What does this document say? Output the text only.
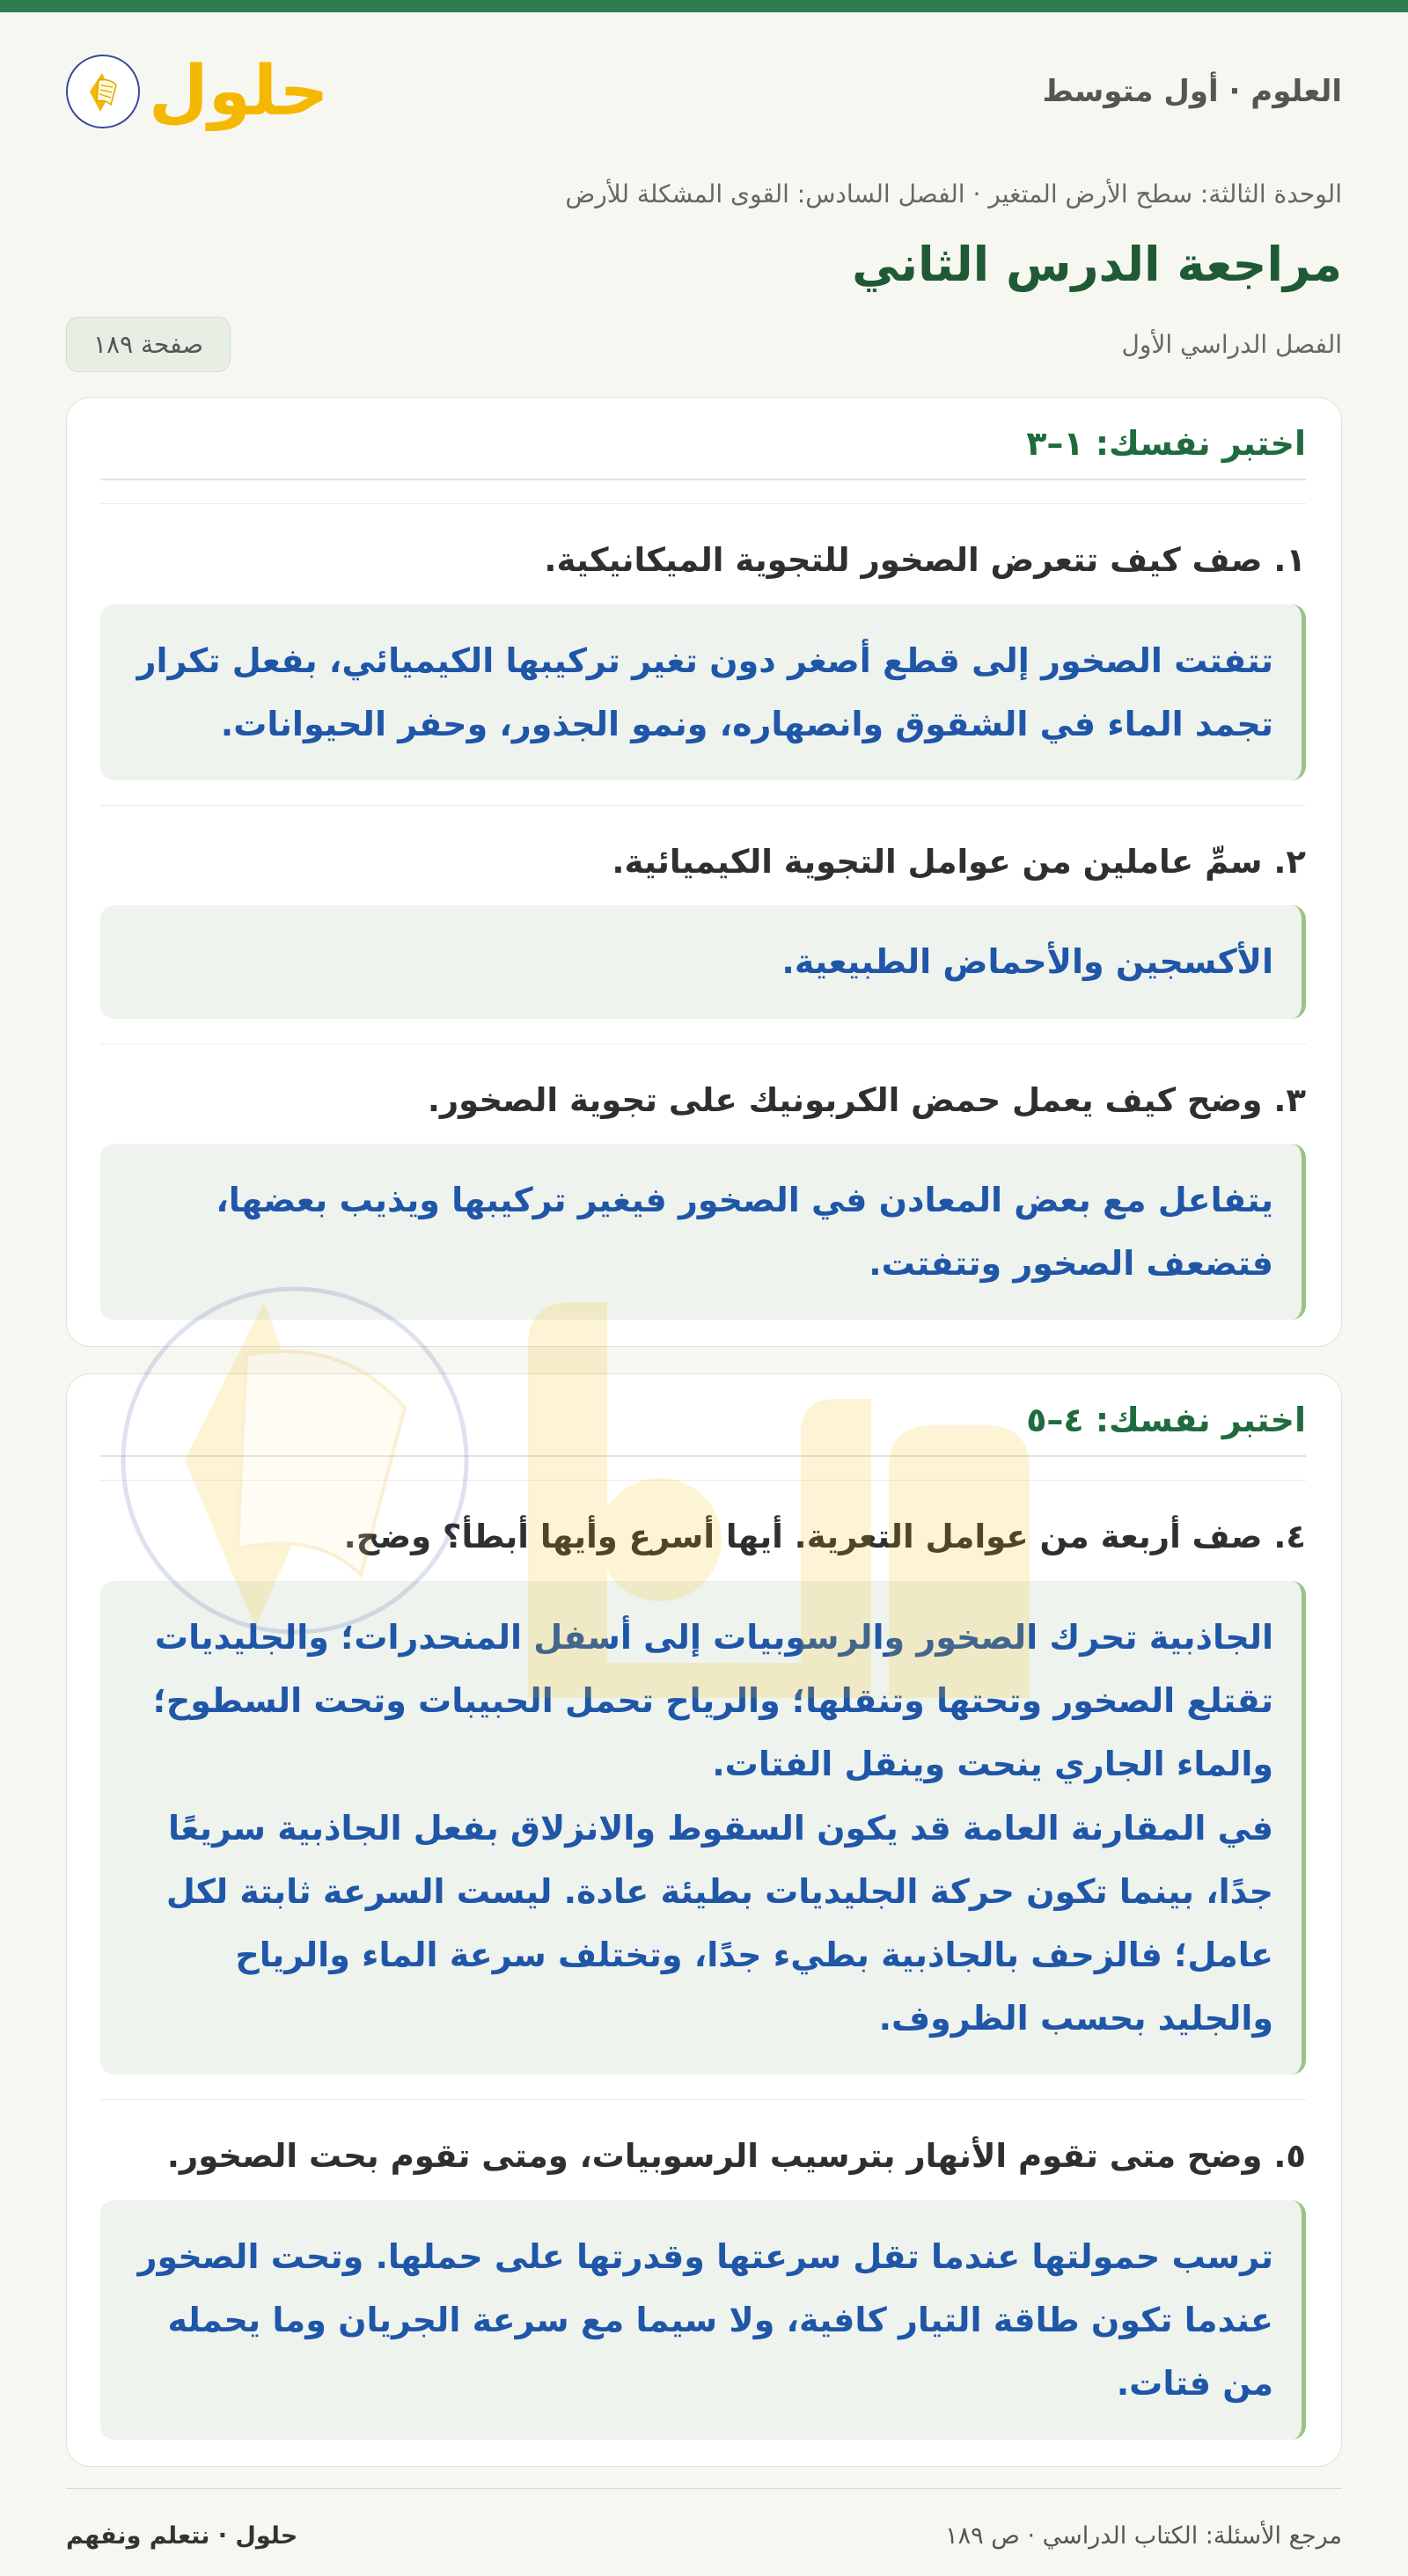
العلوم · أول متوسط
حلول
الوحدة الثالثة: سطح الأرض المتغير · الفصل السادس: القوى المشكلة للأرض
مراجعة الدرس الثاني
الفصل الدراسي الأول
صفحة ١٨٩
اختبر نفسك: ١–٣
١. صف كيف تتعرض الصخور للتجوية الميكانيكية.

تتفتت الصخور إلى قطع أصغر دون تغير تركيبها الكيميائي، بفعل تكرار تجمد الماء في الشقوق وانصهاره، ونمو الجذور، وحفر الحيوانات.

٢. سمِّ عاملين من عوامل التجوية الكيميائية.

الأكسجين والأحماض الطبيعية.

٣. وضح كيف يعمل حمض الكربونيك على تجوية الصخور.

يتفاعل مع بعض المعادن في الصخور فيغير تركيبها ويذيب بعضها، فتضعف الصخور وتتفتت.

اختبر نفسك: ٤–٥
٤. صف أربعة من عوامل التعرية. أيها أسرع وأيها أبطأ؟ وضح.

الجاذبية تحرك الصخور والرسوبيات إلى أسفل المنحدرات؛ والجليديات تقتلع الصخور وتحتها وتنقلها؛ والرياح تحمل الحبيبات وتحت السطوح؛ والماء الجاري ينحت وينقل الفتات.

في المقارنة العامة قد يكون السقوط والانزلاق بفعل الجاذبية سريعًا جدًا، بينما تكون حركة الجليديات بطيئة عادة. ليست السرعة ثابتة لكل عامل؛ فالزحف بالجاذبية بطيء جدًا، وتختلف سرعة الماء والرياح والجليد بحسب الظروف.

٥. وضح متى تقوم الأنهار بترسيب الرسوبيات، ومتى تقوم بحت الصخور.

ترسب حمولتها عندما تقل سرعتها وقدرتها على حملها. وتحت الصخور عندما تكون طاقة التيار كافية، ولا سيما مع سرعة الجريان وما يحمله من فتات.

مرجع الأسئلة: الكتاب الدراسي · ص ١٨٩
حلول · نتعلم ونفهم
